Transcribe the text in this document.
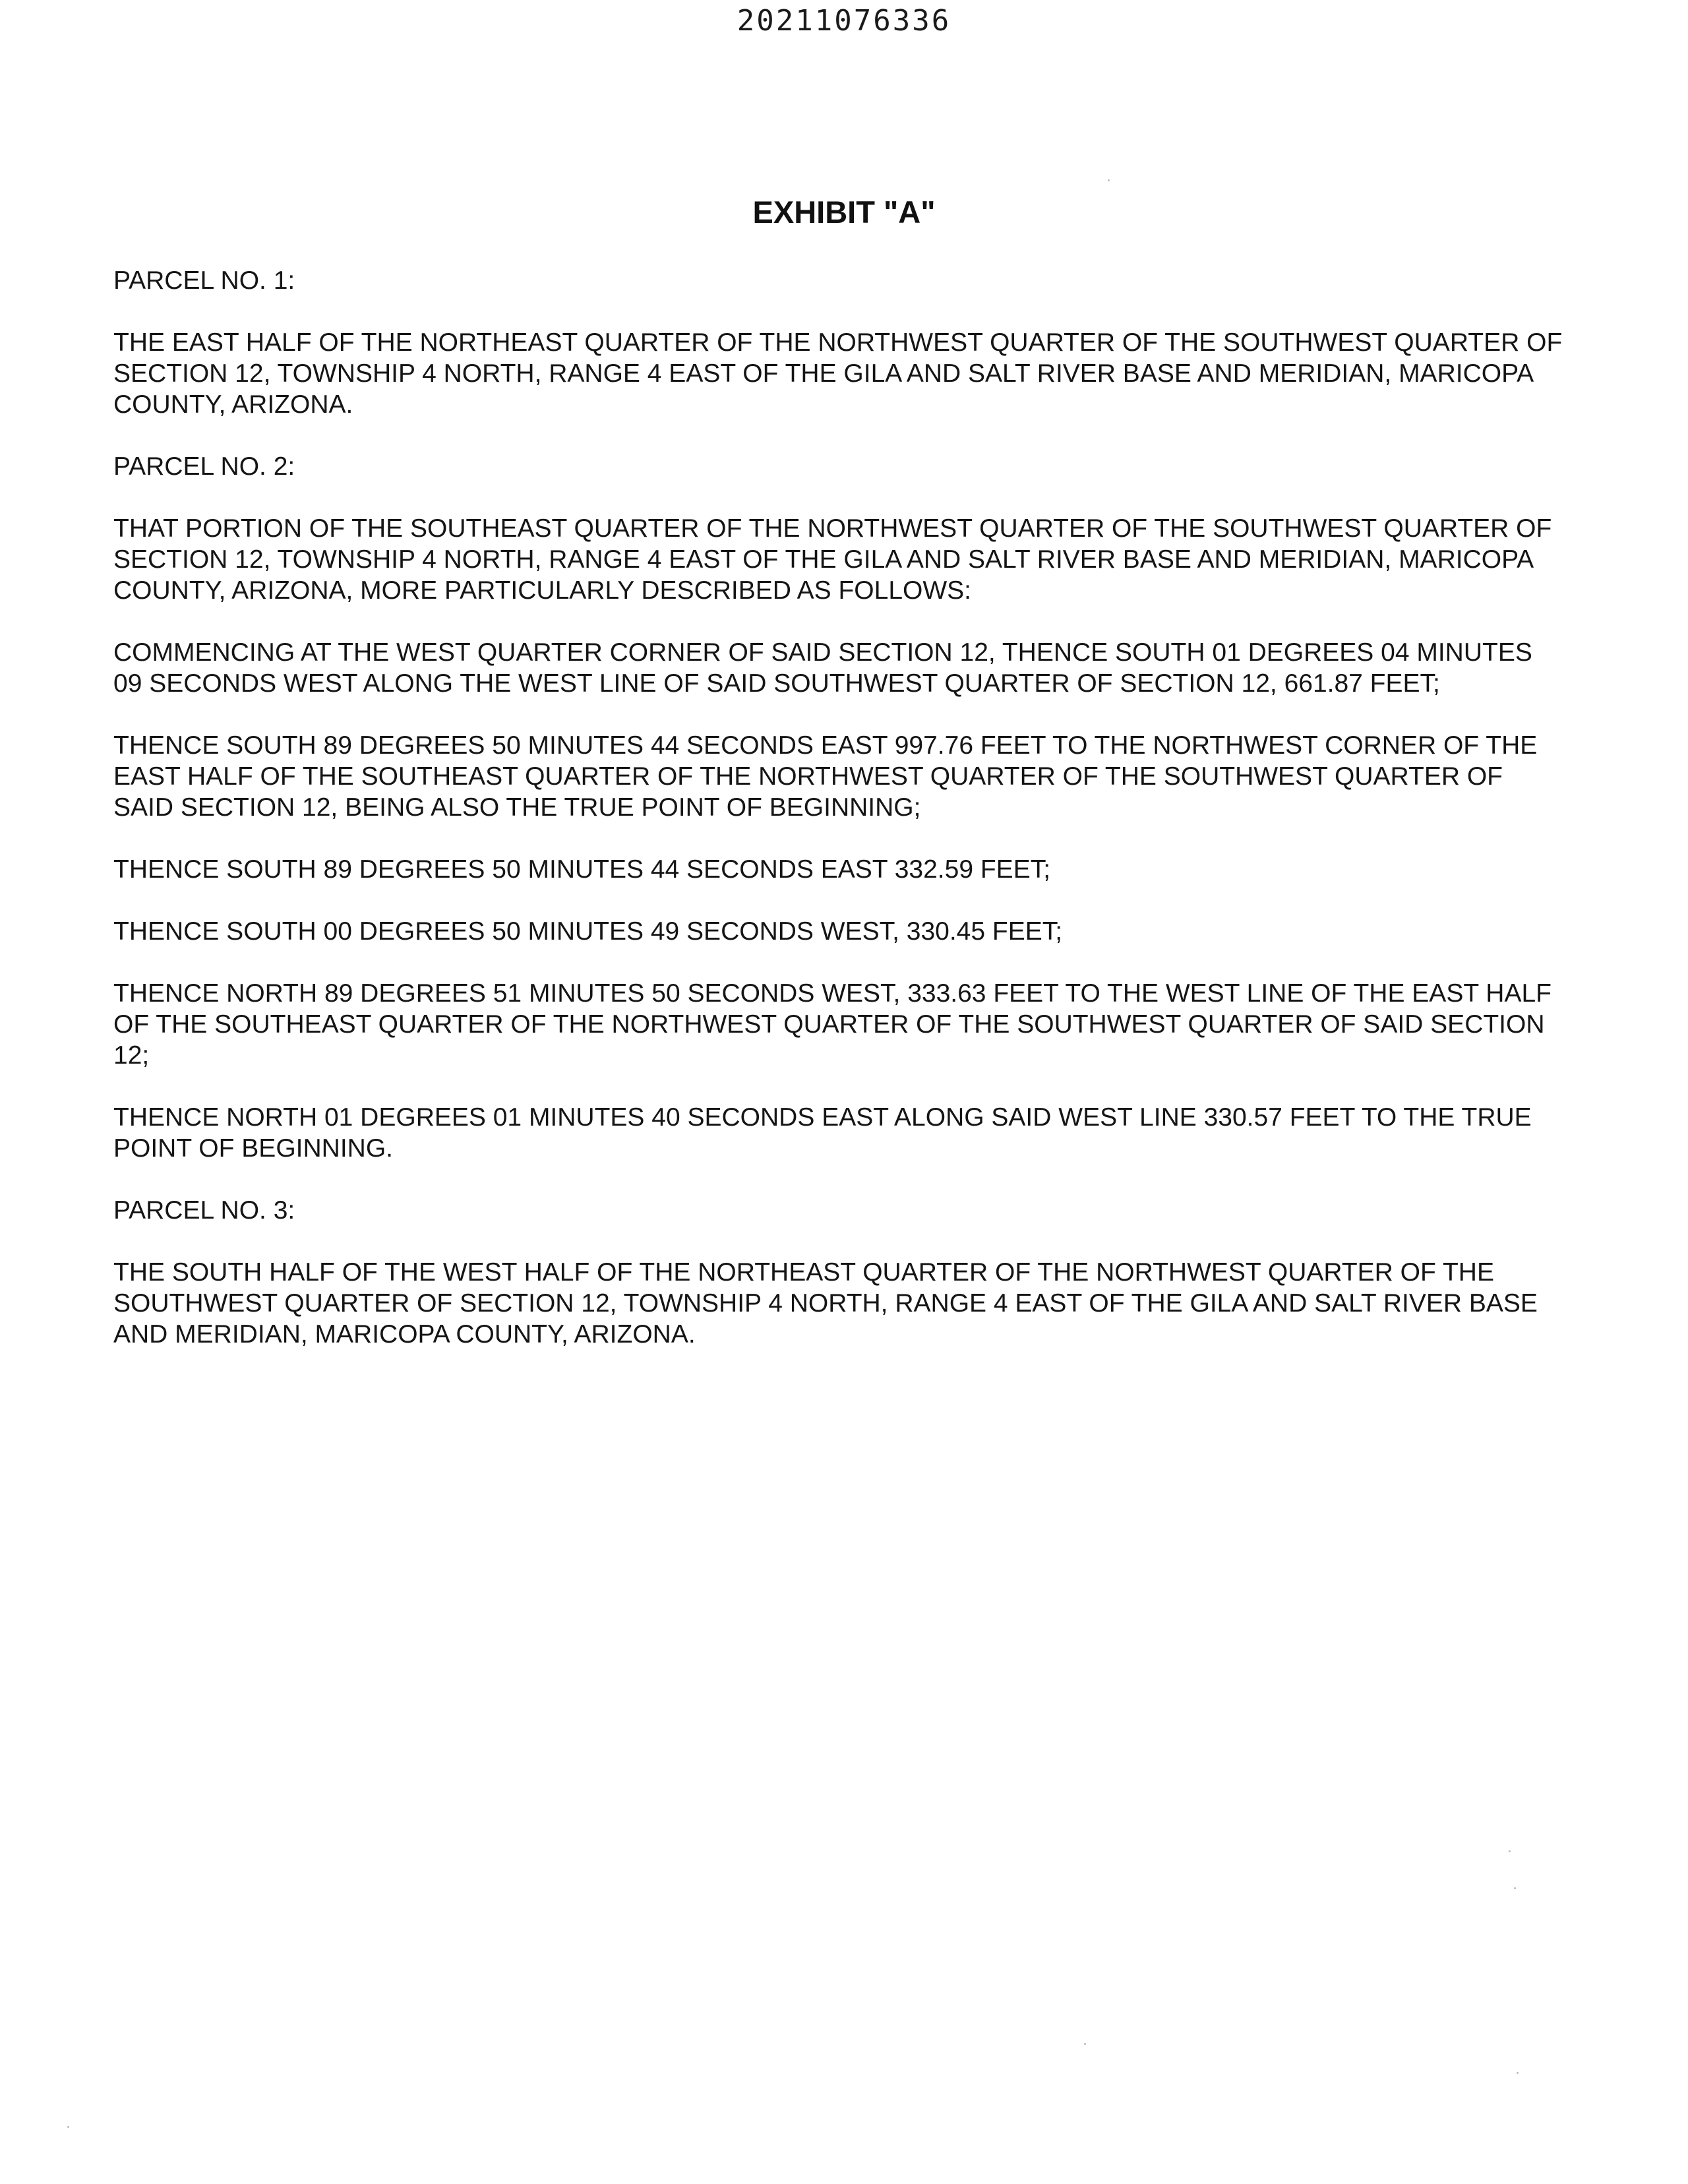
20211076336
EXHIBIT "A"

PARCEL NO. 1:

THE EAST HALF OF THE NORTHEAST QUARTER OF THE NORTHWEST QUARTER OF THE SOUTHWEST QUARTER OF SECTION 12, TOWNSHIP 4 NORTH, RANGE 4 EAST OF THE GILA AND SALT RIVER BASE AND MERIDIAN, MARICOPA COUNTY, ARIZONA.

PARCEL NO. 2:

THAT PORTION OF THE SOUTHEAST QUARTER OF THE NORTHWEST QUARTER OF THE SOUTHWEST QUARTER OF SECTION 12, TOWNSHIP 4 NORTH, RANGE 4 EAST OF THE GILA AND SALT RIVER BASE AND MERIDIAN, MARICOPA COUNTY, ARIZONA, MORE PARTICULARLY DESCRIBED AS FOLLOWS:

COMMENCING AT THE WEST QUARTER CORNER OF SAID SECTION 12, THENCE SOUTH 01 DEGREES 04 MINUTES 09 SECONDS WEST ALONG THE WEST LINE OF SAID SOUTHWEST QUARTER OF SECTION 12, 661.87 FEET;

THENCE SOUTH 89 DEGREES 50 MINUTES 44 SECONDS EAST 997.76 FEET TO THE NORTHWEST CORNER OF THE EAST HALF OF THE SOUTHEAST QUARTER OF THE NORTHWEST QUARTER OF THE SOUTHWEST QUARTER OF SAID SECTION 12, BEING ALSO THE TRUE POINT OF BEGINNING;

THENCE SOUTH 89 DEGREES 50 MINUTES 44 SECONDS EAST 332.59 FEET;

THENCE SOUTH 00 DEGREES 50 MINUTES 49 SECONDS WEST, 330.45 FEET;

THENCE NORTH 89 DEGREES 51 MINUTES 50 SECONDS WEST, 333.63 FEET TO THE WEST LINE OF THE EAST HALF OF THE SOUTHEAST QUARTER OF THE NORTHWEST QUARTER OF THE SOUTHWEST QUARTER OF SAID SECTION 12;

THENCE NORTH 01 DEGREES 01 MINUTES 40 SECONDS EAST ALONG SAID WEST LINE 330.57 FEET TO THE TRUE POINT OF BEGINNING.

PARCEL NO. 3:

THE SOUTH HALF OF THE WEST HALF OF THE NORTHEAST QUARTER OF THE NORTHWEST QUARTER OF THE SOUTHWEST QUARTER OF SECTION 12, TOWNSHIP 4 NORTH, RANGE 4 EAST OF THE GILA AND SALT RIVER BASE AND MERIDIAN, MARICOPA COUNTY, ARIZONA.
